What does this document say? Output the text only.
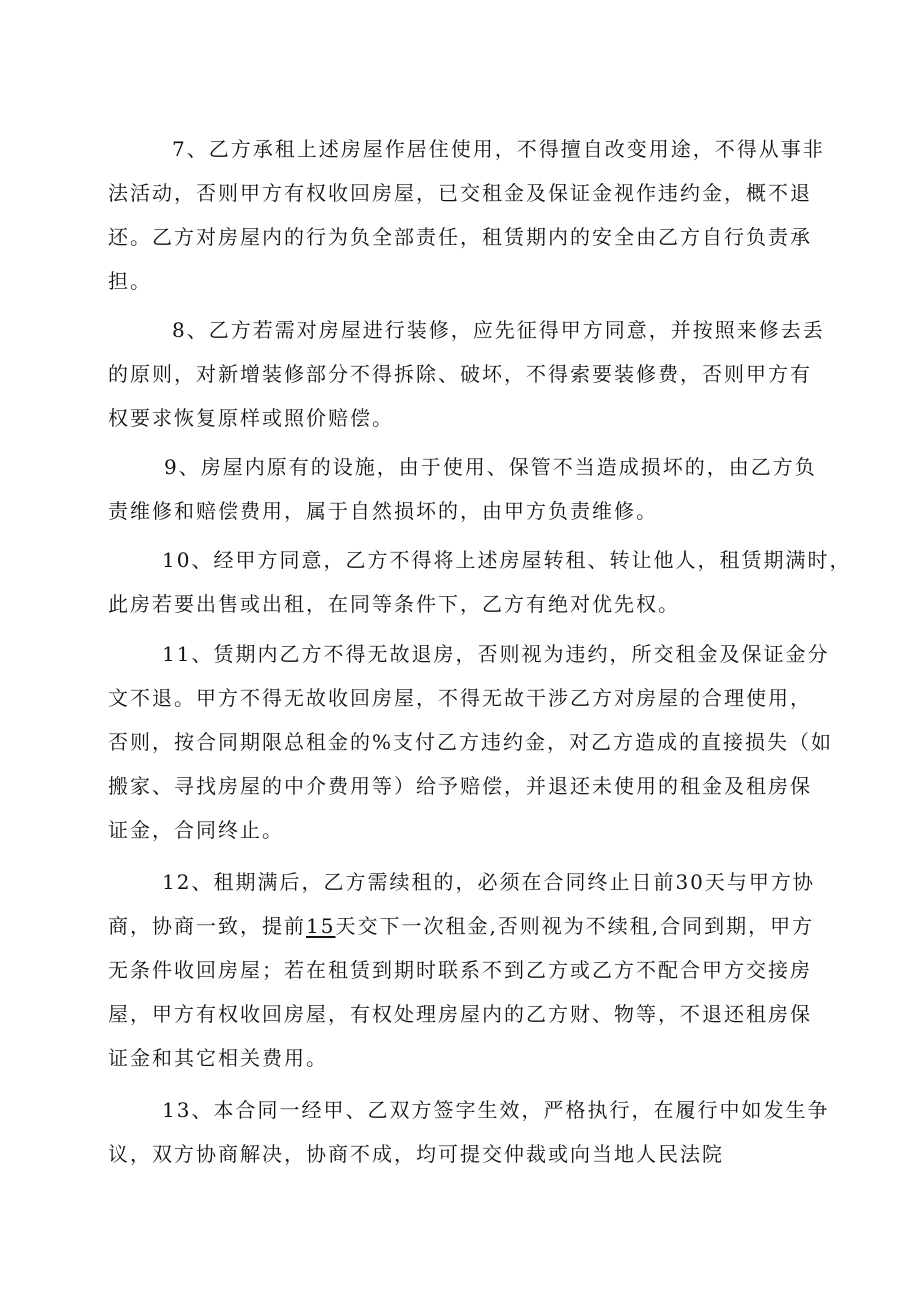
7、乙方承租上述房屋作居住使用，不得擅自改变用途，不得从事非
法活动，否则甲方有权收回房屋，已交租金及保证金视作违约金，概不退
还。乙方对房屋内的行为负全部责任，租赁期内的安全由乙方自行负责承
担。
8、乙方若需对房屋进行装修，应先征得甲方同意，并按照来修去丢
的原则，对新增装修部分不得拆除、破坏，不得索要装修费，否则甲方有
权要求恢复原样或照价赔偿。
9、房屋内原有的设施，由于使用、保管不当造成损坏的，由乙方负
责维修和赔偿费用，属于自然损坏的，由甲方负责维修。
10、经甲方同意，乙方不得将上述房屋转租、转让他人，租赁期满时，
此房若要出售或出租，在同等条件下，乙方有绝对优先权。
11、赁期内乙方不得无故退房，否则视为违约，所交租金及保证金分
文不退。甲方不得无故收回房屋，不得无故干涉乙方对房屋的合理使用，
否则，按合同期限总租金的%支付乙方违约金，对乙方造成的直接损失（如
搬家、寻找房屋的中介费用等）给予赔偿，并退还未使用的租金及租房保
证金，合同终止。
12、租期满后，乙方需续租的，必须在合同终止日前30天与甲方协
商，协商一致，提前15天交下一次租金,否则视为不续租,合同到期，甲方
无条件收回房屋；若在租赁到期时联系不到乙方或乙方不配合甲方交接房
屋，甲方有权收回房屋，有权处理房屋内的乙方财、物等，不退还租房保
证金和其它相关费用。
13、本合同一经甲、乙双方签字生效，严格执行，在履行中如发生争
议，双方协商解决，协商不成，均可提交仲裁或向当地人民法院
